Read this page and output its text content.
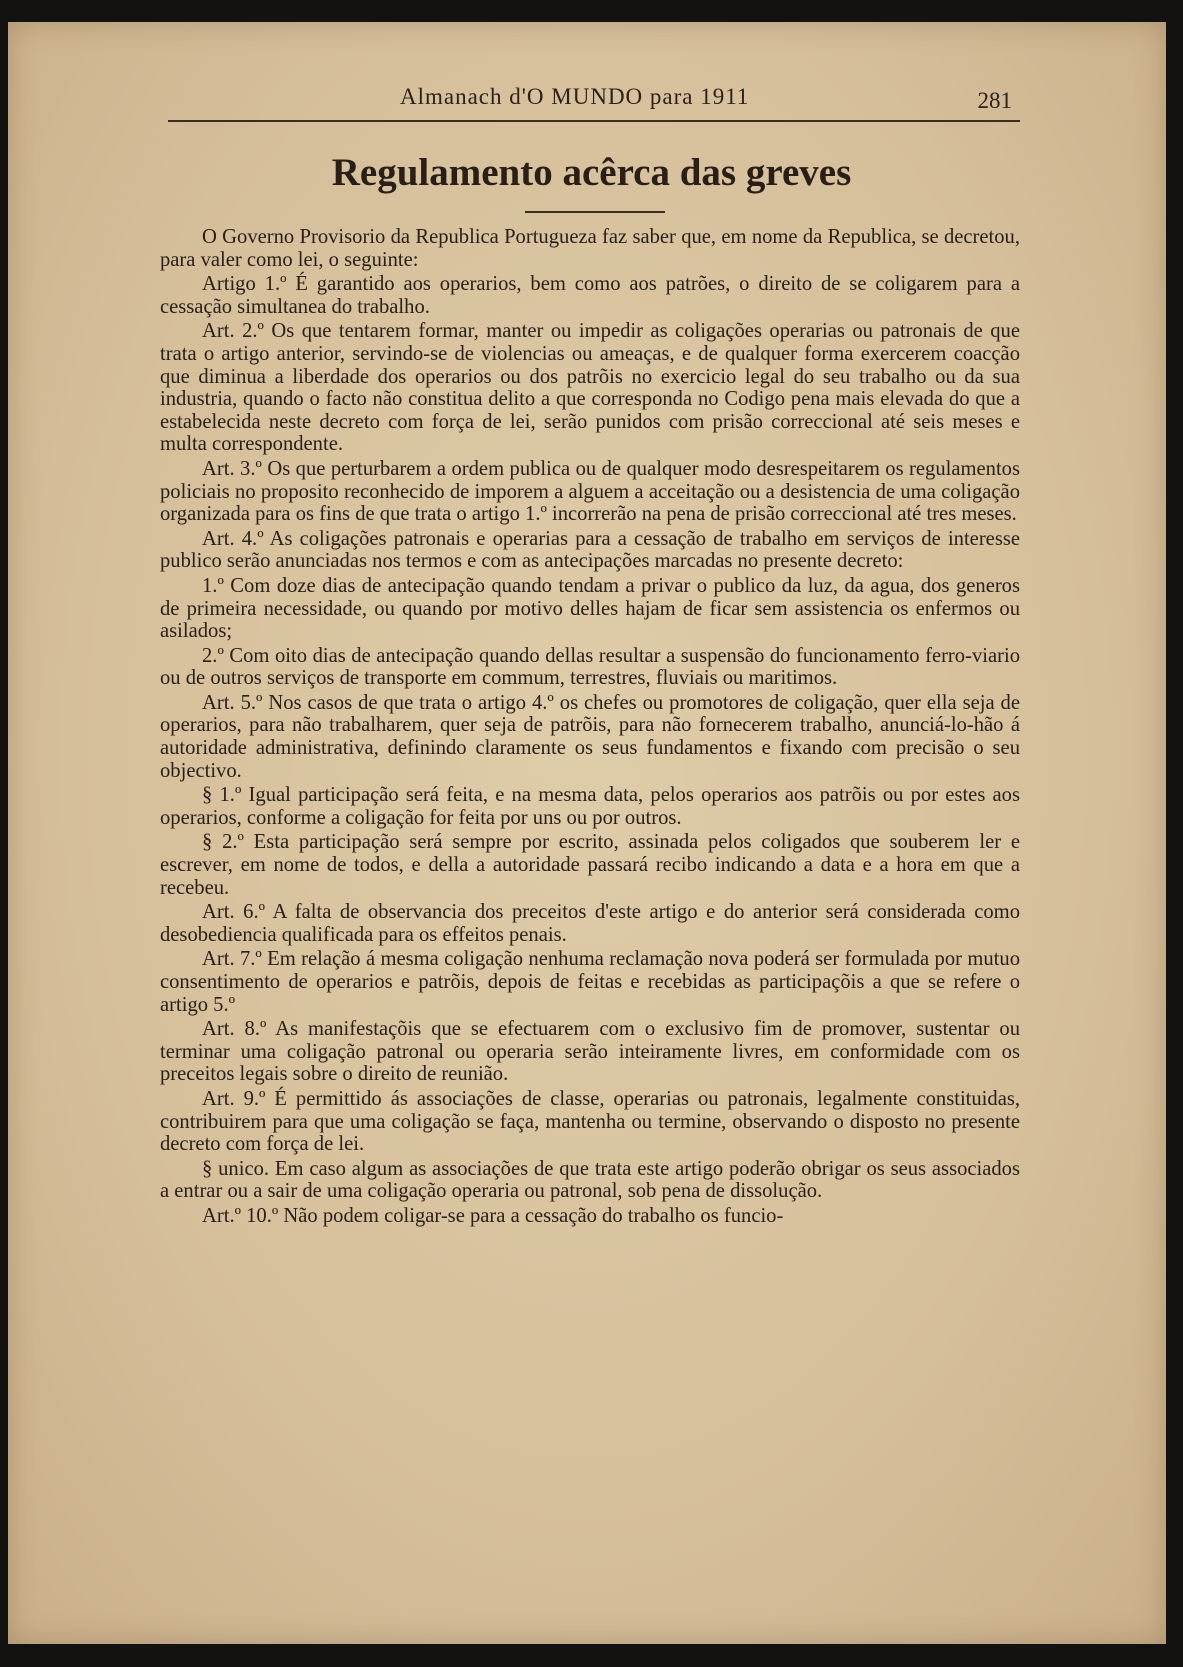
Almanach d'O MUNDO para 1911	281
Regulamento acêrca das greves

O Governo Provisorio da Republica Portugueza faz saber que, em nome da Republica, se decretou, para valer como lei, o seguinte:

Artigo 1.º É garantido aos operarios, bem como aos patrões, o direito de se coligarem para a cessação simultanea do trabalho.

Art. 2.º Os que tentarem formar, manter ou impedir as coligações operarias ou patronais de que trata o artigo anterior, servindo-se de violencias ou ameaças, e de qualquer forma exercerem coacção que diminua a liberdade dos operarios ou dos patrõis no exercicio legal do seu trabalho ou da sua industria, quando o facto não constitua delito a que corresponda no Codigo pena mais elevada do que a estabelecida neste decreto com força de lei, serão punidos com prisão correccional até seis meses e multa correspondente.

Art. 3.º Os que perturbarem a ordem publica ou de qualquer modo desrespeitarem os regulamentos policiais no proposito reconhecido de imporem a alguem a acceitação ou a desistencia de uma coligação organizada para os fins de que trata o artigo 1.º incorrerão na pena de prisão correccional até tres meses.

Art. 4.º As coligações patronais e operarias para a cessação de trabalho em serviços de interesse publico serão anunciadas nos termos e com as antecipações marcadas no presente decreto:

1.º Com doze dias de antecipação quando tendam a privar o publico da luz, da agua, dos generos de primeira necessidade, ou quando por motivo delles hajam de ficar sem assistencia os enfermos ou asilados;

2.º Com oito dias de antecipação quando dellas resultar a suspensão do funcionamento ferro-viario ou de outros serviços de transporte em commum, terrestres, fluviais ou maritimos.

Art. 5.º Nos casos de que trata o artigo 4.º os chefes ou promotores de coligação, quer ella seja de operarios, para não trabalharem, quer seja de patrõis, para não fornecerem trabalho, anunciá-lo-hão á autoridade administrativa, definindo claramente os seus fundamentos e fixando com precisão o seu objectivo.

§ 1.º Igual participação será feita, e na mesma data, pelos operarios aos patrõis ou por estes aos operarios, conforme a coligação for feita por uns ou por outros.

§ 2.º Esta participação será sempre por escrito, assinada pelos coligados que souberem ler e escrever, em nome de todos, e della a autoridade passará recibo indicando a data e a hora em que a recebeu.

Art. 6.º A falta de observancia dos preceitos d'este artigo e do anterior será considerada como desobediencia qualificada para os effeitos penais.

Art. 7.º Em relação á mesma coligação nenhuma reclamação nova poderá ser formulada por mutuo consentimento de operarios e patrõis, depois de feitas e recebidas as participaçõis a que se refere o artigo 5.º

Art. 8.º As manifestaçõis que se efectuarem com o exclusivo fim de promover, sustentar ou terminar uma coligação patronal ou operaria serão inteiramente livres, em conformidade com os preceitos legais sobre o direito de reunião.

Art. 9.º É permittido ás associações de classe, operarias ou patronais, legalmente constituidas, contribuirem para que uma coligação se faça, mantenha ou termine, observando o disposto no presente decreto com força de lei.

§ unico. Em caso algum as associações de que trata este artigo poderão obrigar os seus associados a entrar ou a sair de uma coligação operaria ou patronal, sob pena de dissolução.

Art.º 10.º Não podem coligar-se para a cessação do trabalho os funcio-
